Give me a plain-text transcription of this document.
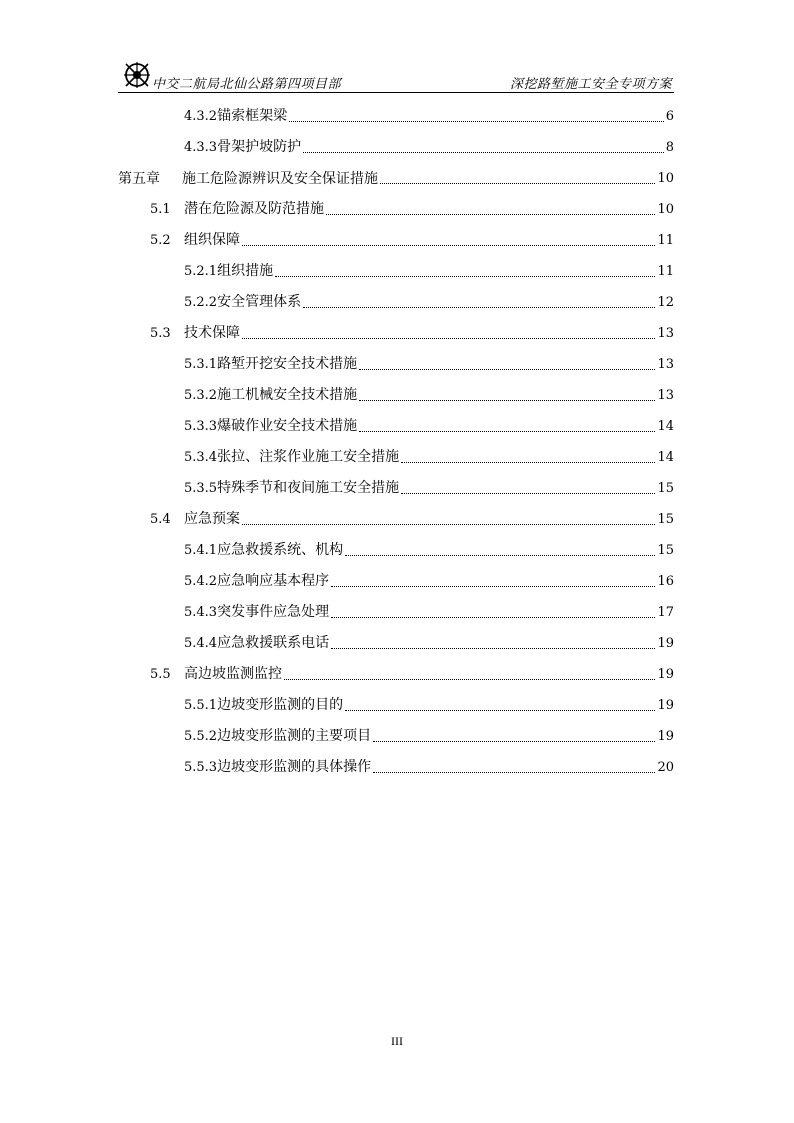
中交二航局北仙公路第四项目部	深挖路堑施工安全专项方案
4.3.2锚索框架梁	6
4.3.3骨架护坡防护	8
第五章 施工危险源辨识及安全保证措施	10
5.1 潜在危险源及防范措施	10
5.2 组织保障	11
5.2.1组织措施	11
5.2.2安全管理体系	12
5.3 技术保障	13
5.3.1路堑开挖安全技术措施	13
5.3.2施工机械安全技术措施	13
5.3.3爆破作业安全技术措施	14
5.3.4张拉、注浆作业施工安全措施	14
5.3.5特殊季节和夜间施工安全措施	15
5.4 应急预案	15
5.4.1应急救援系统、机构	15
5.4.2应急响应基本程序	16
5.4.3突发事件应急处理	17
5.4.4应急救援联系电话	19
5.5 高边坡监测监控	19
5.5.1边坡变形监测的目的	19
5.5.2边坡变形监测的主要项目	19
5.5.3边坡变形监测的具体操作	20
III
